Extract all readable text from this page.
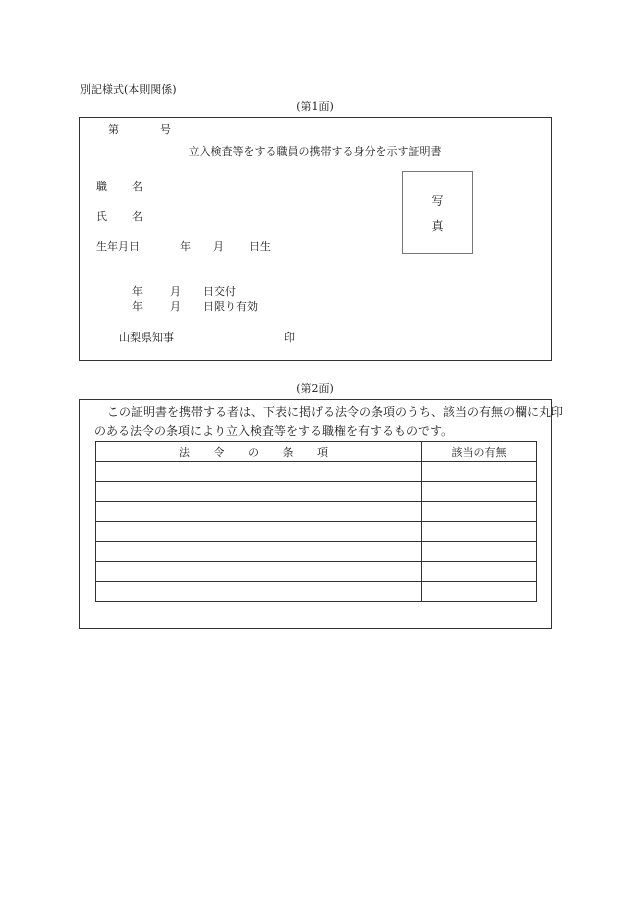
別記様式(本則関係)
(第1面)
第	号
立入検査等をする職員の携帯する身分を示す証明書
職 名
氏 名
生年月日	年 月 日生
写
真
年 月 日交付
年 月 日限り有効
山梨県知事	印
(第2面)
この証明書を携帯する者は、下表に掲げる法令の条項のうち、該当の有無の欄に丸印
のある法令の条項により立入検査等をする職権を有するものです。
法 令 の 条 項	該当の有無
